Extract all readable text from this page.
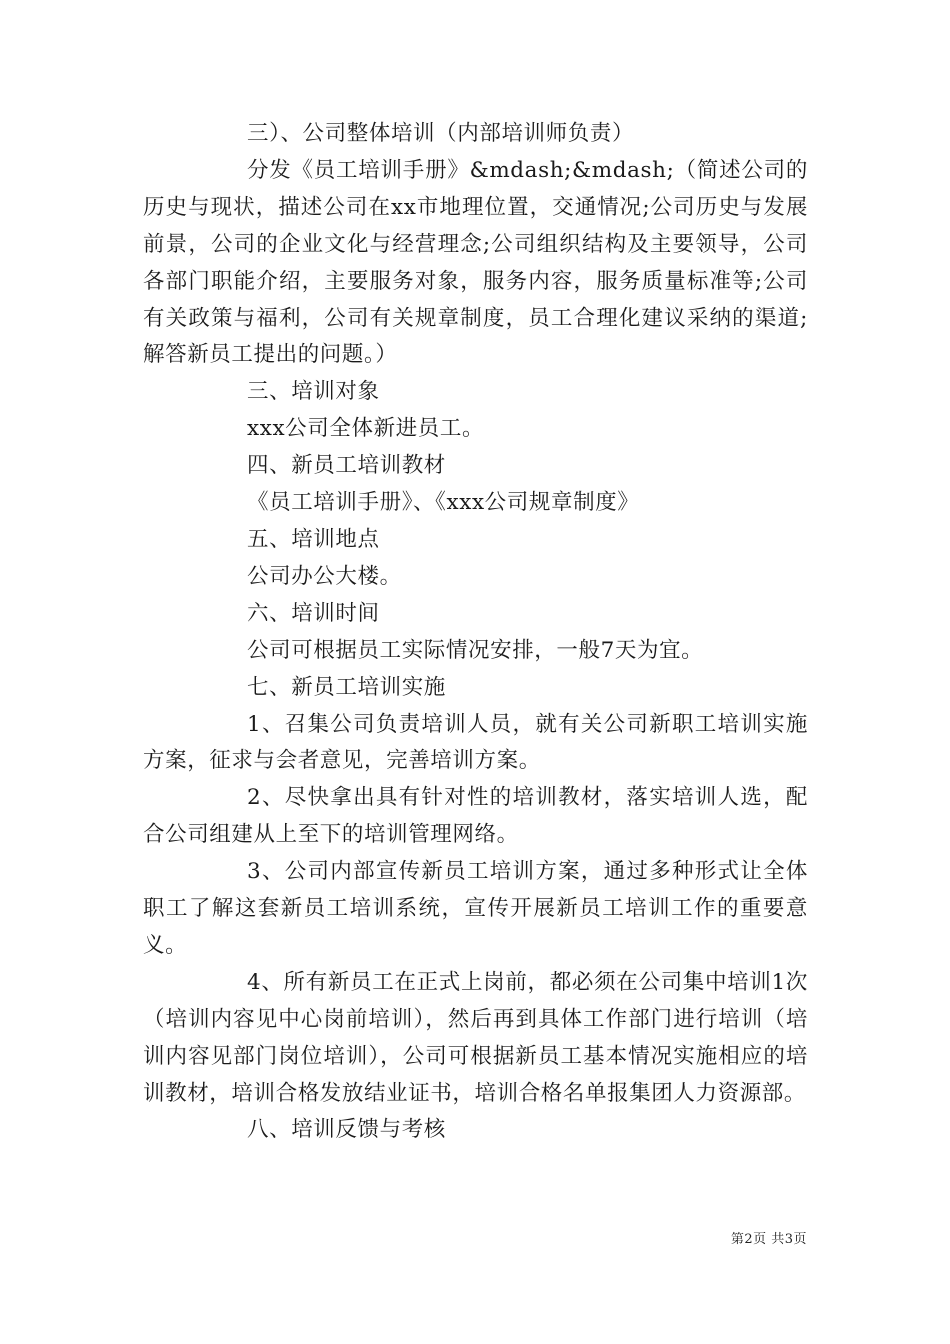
三）、公司整体培训（内部培训师负责）

分发《员工培训手册》&mdash;&mdash;（简述公司的历史与现状，描述公司在xx市地理位置，交通情况;公司历史与发展前景，公司的企业文化与经营理念;公司组织结构及主要领导，公司各部门职能介绍，主要服务对象，服务内容，服务质量标准等;公司有关政策与福利，公司有关规章制度，员工合理化建议采纳的渠道;解答新员工提出的问题。）

三、培训对象

xxx公司全体新进员工。

四、新员工培训教材

《员工培训手册》、《xxx公司规章制度》

五、培训地点

公司办公大楼。

六、培训时间

公司可根据员工实际情况安排，一般7天为宜。

七、新员工培训实施

1、召集公司负责培训人员，就有关公司新职工培训实施方案，征求与会者意见，完善培训方案。

2、尽快拿出具有针对性的培训教材，落实培训人选，配合公司组建从上至下的培训管理网络。

3、公司内部宣传新员工培训方案，通过多种形式让全体职工了解这套新员工培训系统，宣传开展新员工培训工作的重要意义。

4、所有新员工在正式上岗前，都必须在公司集中培训1次（培训内容见中心岗前培训），然后再到具体工作部门进行培训（培训内容见部门岗位培训），公司可根据新员工基本情况实施相应的培训教材，培训合格发放结业证书，培训合格名单报集团人力资源部。

八、培训反馈与考核

第2页 共3页
